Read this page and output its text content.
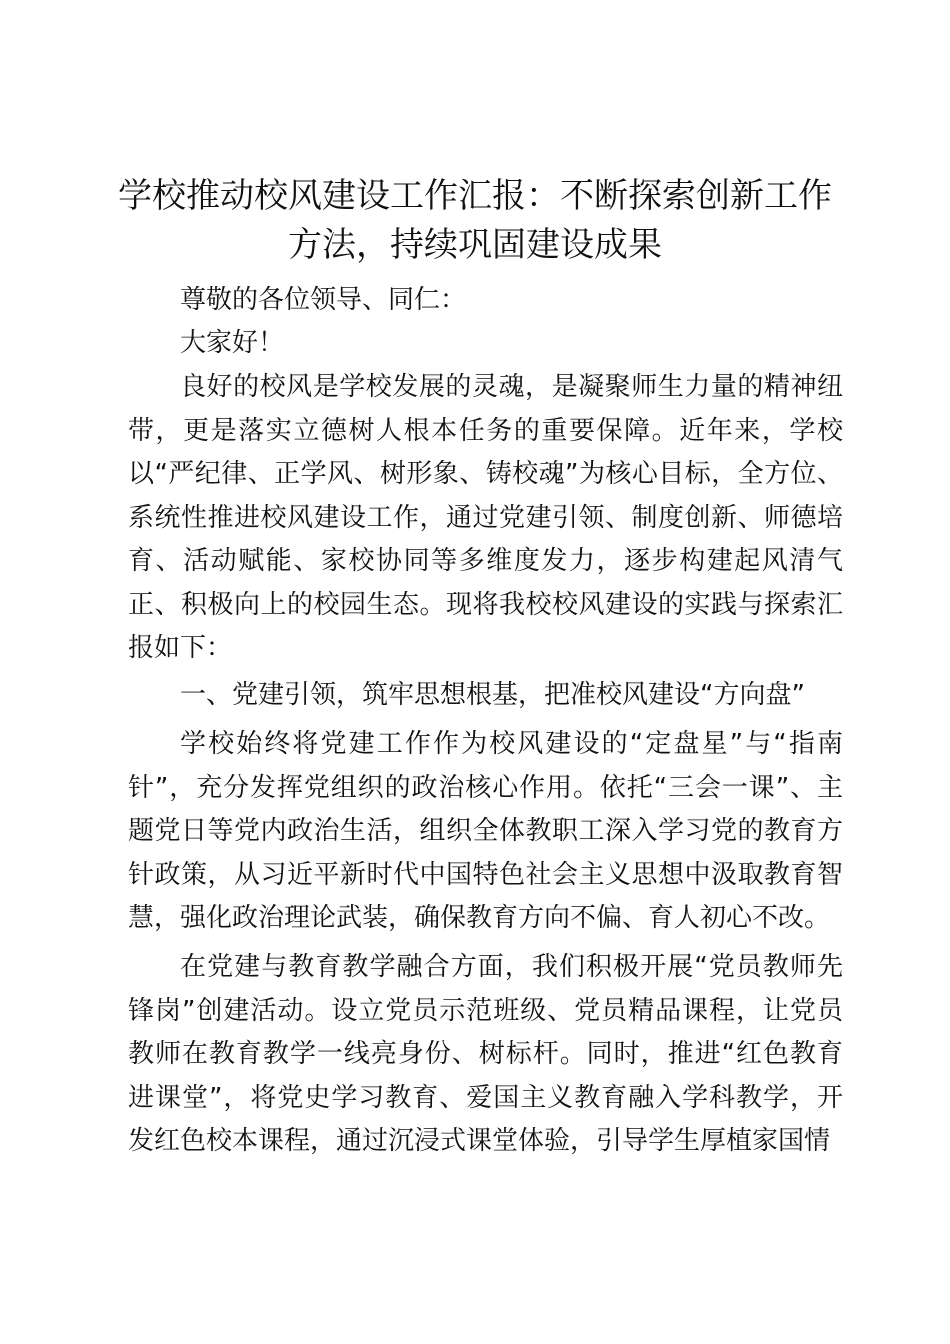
学校推动校风建设工作汇报：不断探索创新工作方法，持续巩固建设成果

尊敬的各位领导、同仁：

大家好！

良好的校风是学校发展的灵魂，是凝聚师生力量的精神纽带，更是落实立德树人根本任务的重要保障。近年来，学校以“严纪律、正学风、树形象、铸校魂”为核心目标，全方位、系统性推进校风建设工作，通过党建引领、制度创新、师德培育、活动赋能、家校协同等多维度发力，逐步构建起风清气正、积极向上的校园生态。现将我校校风建设的实践与探索汇报如下：

一、党建引领，筑牢思想根基，把准校风建设“方向盘”

学校始终将党建工作作为校风建设的“定盘星”与“指南针”，充分发挥党组织的政治核心作用。依托“三会一课”、主题党日等党内政治生活，组织全体教职工深入学习党的教育方针政策，从习近平新时代中国特色社会主义思想中汲取教育智慧，强化政治理论武装，确保教育方向不偏、育人初心不改。

在党建与教育教学融合方面，我们积极开展“党员教师先锋岗”创建活动。设立党员示范班级、党员精品课程，让党员教师在教育教学一线亮身份、树标杆。同时，推进“红色教育进课堂”，将党史学习教育、爱国主义教育融入学科教学，开发红色校本课程，通过沉浸式课堂体验，引导学生厚植家国情
